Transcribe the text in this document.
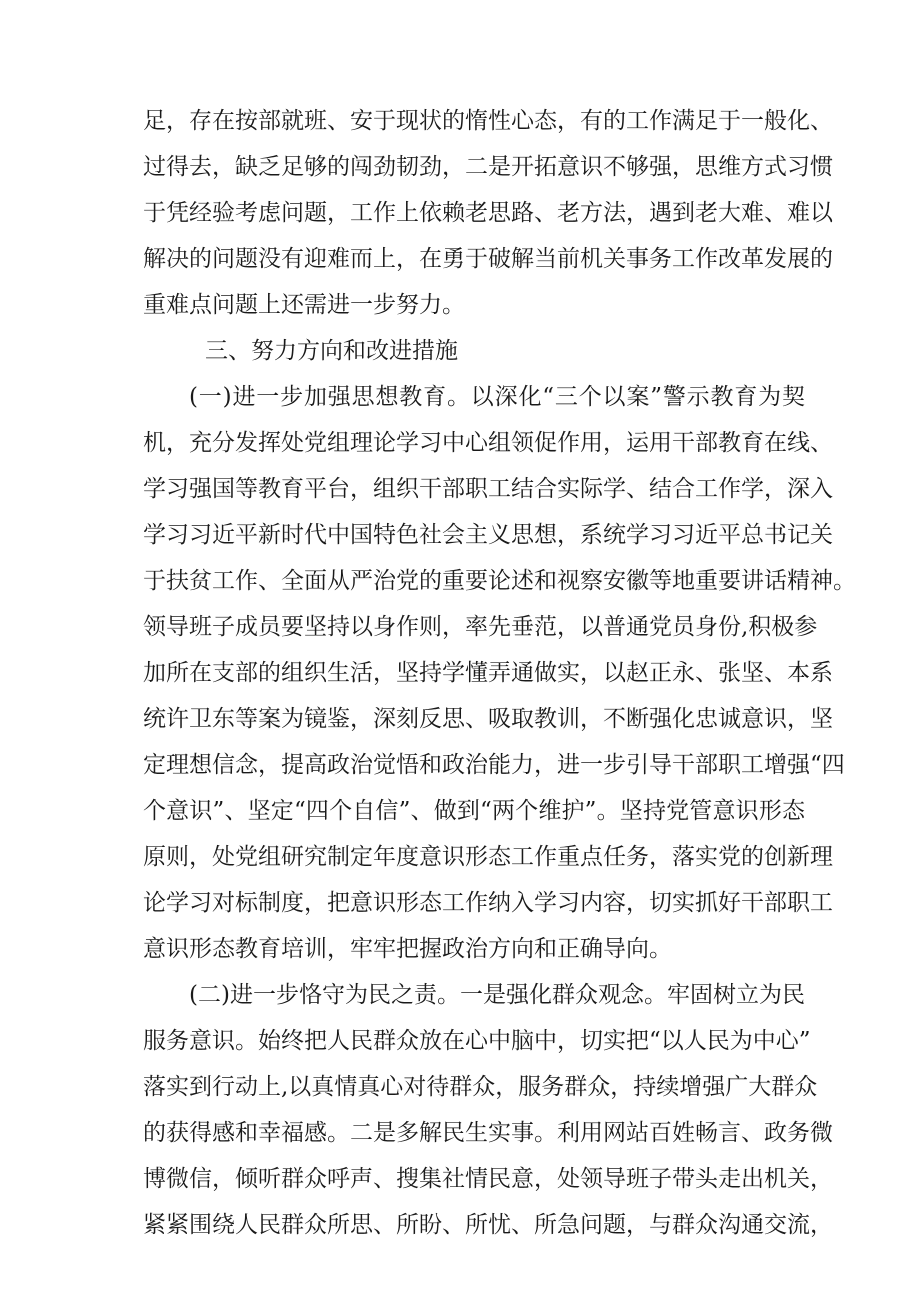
足，存在按部就班、安于现状的惰性心态，有的工作满足于一般化、
过得去，缺乏足够的闯劲韧劲，二是开拓意识不够强，思维方式习惯
于凭经验考虑问题，工作上依赖老思路、老方法，遇到老大难、难以
解决的问题没有迎难而上，在勇于破解当前机关事务工作改革发展的
重难点问题上还需进一步努力。
三、努力方向和改进措施
(一)进一步加强思想教育。以深化“三个以案”警示教育为契
机，充分发挥处党组理论学习中心组领促作用，运用干部教育在线、
学习强国等教育平台，组织干部职工结合实际学、结合工作学，深入
学习习近平新时代中国特色社会主义思想，系统学习习近平总书记关
于扶贫工作、全面从严治党的重要论述和视察安徽等地重要讲话精神。
领导班子成员要坚持以身作则，率先垂范，以普通党员身份,积极参
加所在支部的组织生活，坚持学懂弄通做实，以赵正永、张坚、本系
统许卫东等案为镜鉴，深刻反思、吸取教训，不断强化忠诚意识，坚
定理想信念，提高政治觉悟和政治能力，进一步引导干部职工增强“四
个意识”、坚定“四个自信”、做到“两个维护”。坚持党管意识形态
原则，处党组研究制定年度意识形态工作重点任务，落实党的创新理
论学习对标制度，把意识形态工作纳入学习内容，切实抓好干部职工
意识形态教育培训，牢牢把握政治方向和正确导向。
(二)进一步恪守为民之责。一是强化群众观念。牢固树立为民
服务意识。始终把人民群众放在心中脑中，切实把“以人民为中心”
落实到行动上,以真情真心对待群众，服务群众，持续增强广大群众
的获得感和幸福感。二是多解民生实事。利用网站百姓畅言、政务微
博微信，倾听群众呼声、搜集社情民意，处领导班子带头走出机关，
紧紧围绕人民群众所思、所盼、所忧、所急问题，与群众沟通交流，
